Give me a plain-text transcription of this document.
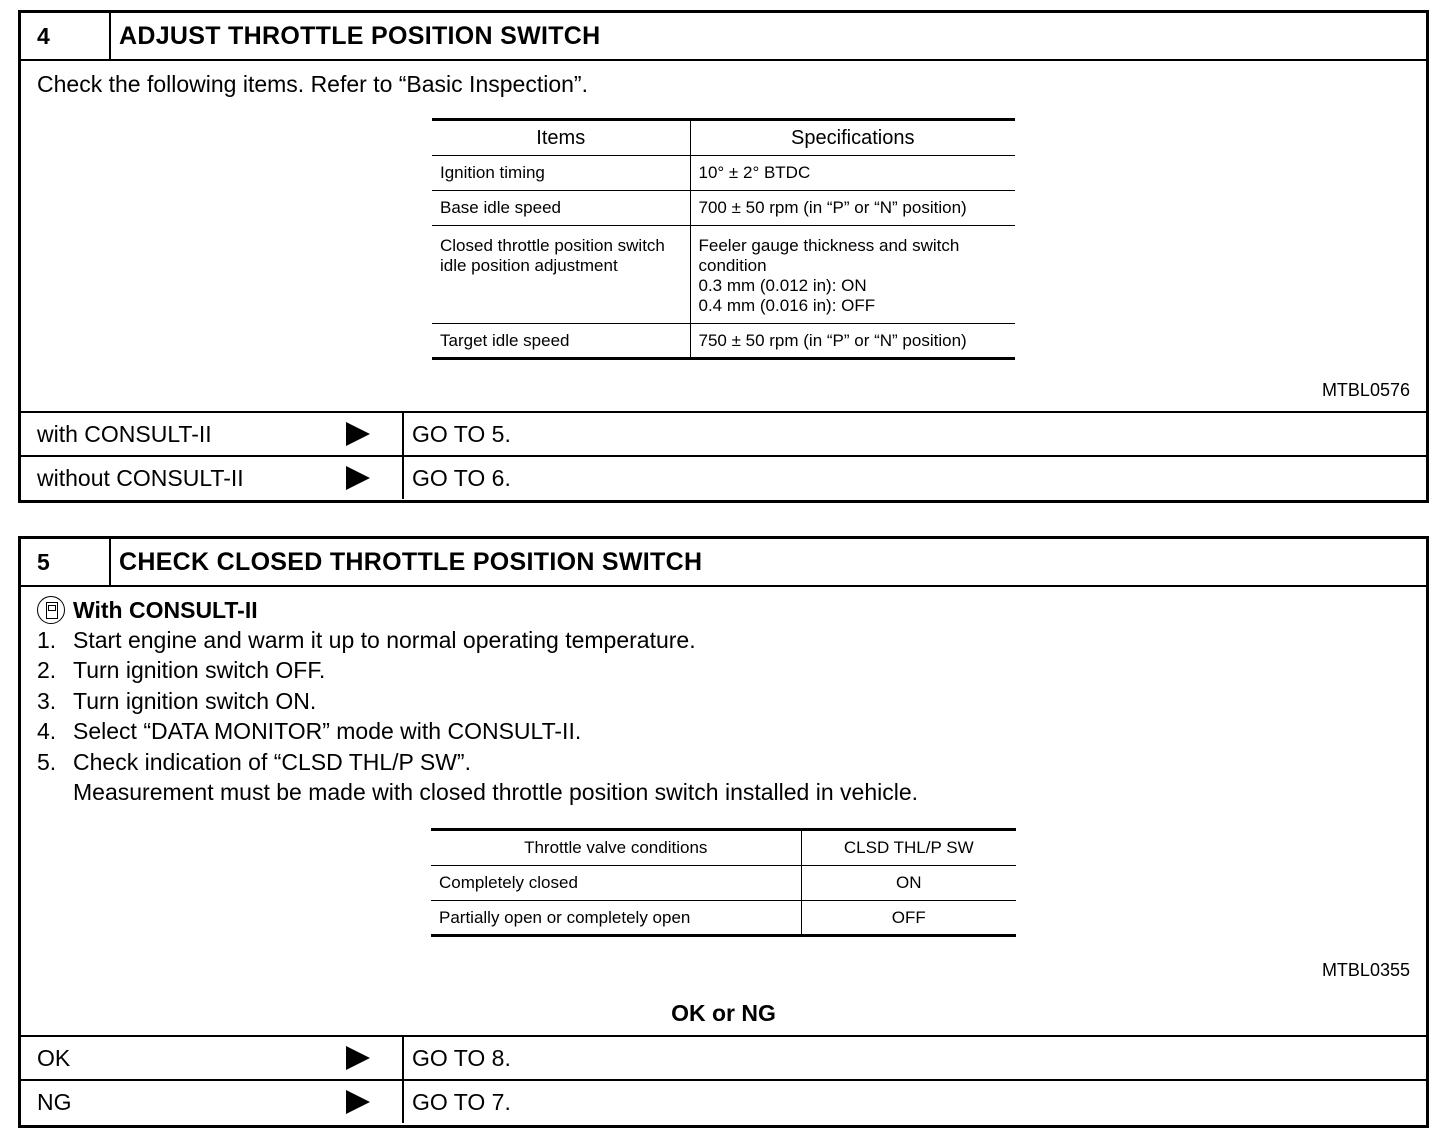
4	ADJUST THROTTLE POSITION SWITCH
Check the following items. Refer to “Basic Inspection”.
Items	Specifications
Ignition timing	10° ± 2° BTDC
Base idle speed	700 ± 50 rpm (in “P” or “N” position)
Closed throttle position switch idle position adjustment	Feeler gauge thickness and switch condition
0.3 mm (0.012 in): ON
0.4 mm (0.016 in): OFF

Target idle speed	750 ± 50 rpm (in “P” or “N” position)
MTBL0576
with CONSULT-II	GO TO 5.
without CONSULT-II	GO TO 6.
5	CHECK CLOSED THROTTLE POSITION SWITCH
With CONSULT-II
1. Start engine and warm it up to normal operating temperature.
2. Turn ignition switch OFF.
3. Turn ignition switch ON.
4. Select “DATA MONITOR” mode with CONSULT-II.
5. Check indication of “CLSD THL/P SW”.
Measurement must be made with closed throttle position switch installed in vehicle.
Throttle valve conditions	CLSD THL/P SW
Completely closed	ON
Partially open or completely open	OFF
MTBL0355
OK or NG
OK	GO TO 8.
NG	GO TO 7.
